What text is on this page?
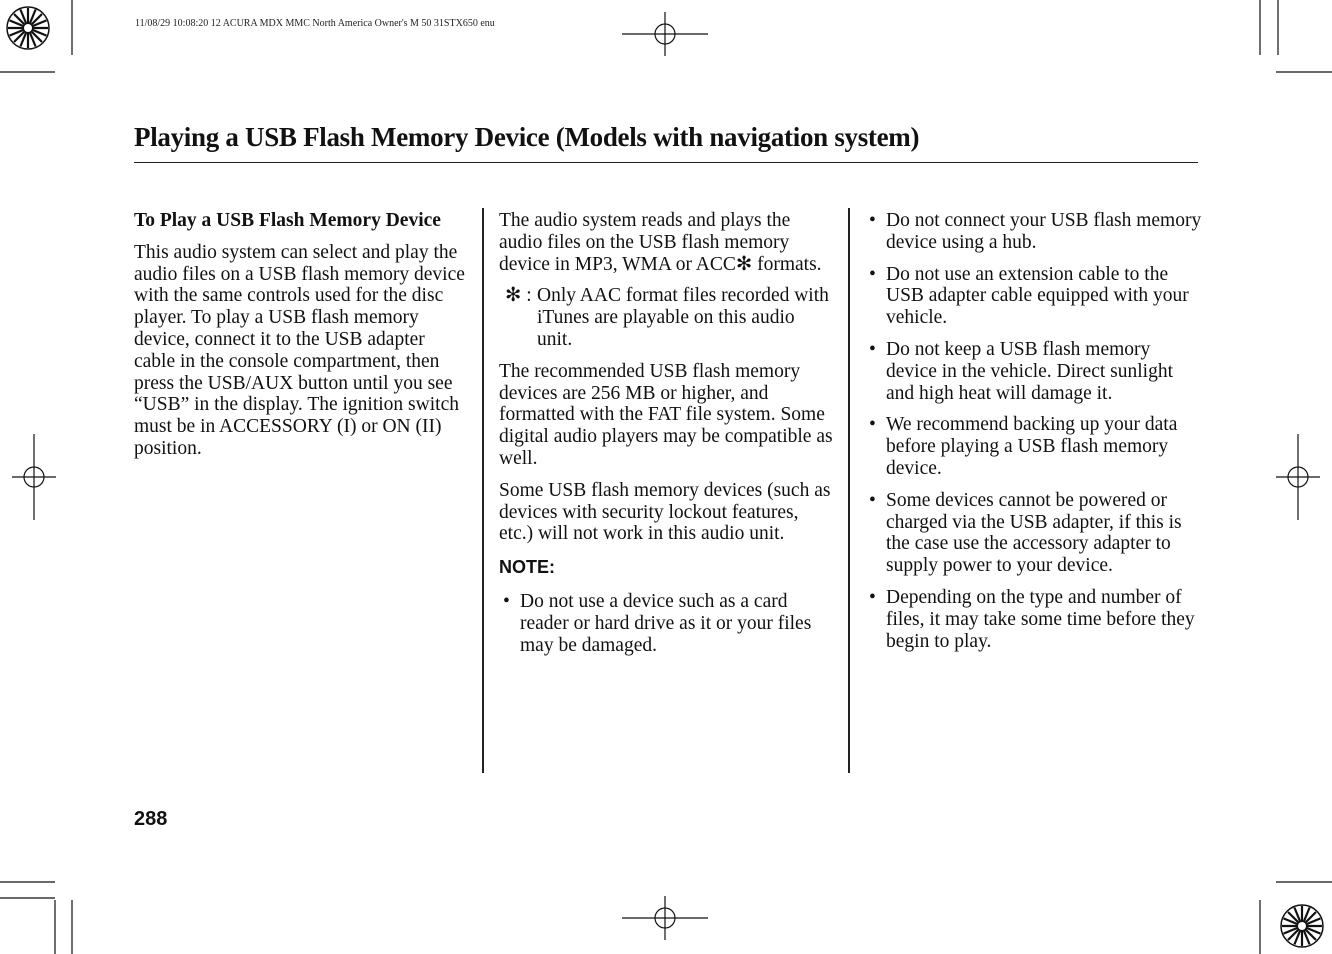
11/08/29 10:08:20 12 ACURA MDX MMC North America Owner's M 50 31STX650 enu
Playing a USB Flash Memory Device (Models with navigation system)

To Play a USB Flash Memory Device

This audio system can select and play the audio files on a USB flash memory device with the same controls used for the disc player. To play a USB flash memory device, connect it to the USB adapter cable in the console compartment, then press the USB/AUX button until you see “USB” in the display. The ignition switch must be in ACCESSORY (I) or ON (II) position.

The audio system reads and plays the audio files on the USB flash memory device in MP3, WMA or ACC✻ formats.

✻ : Only AAC format files recorded with iTunes are playable on this audio unit.

The recommended USB flash memory devices are 256 MB or higher, and formatted with the FAT file system. Some digital audio players may be compatible as well.

Some USB flash memory devices (such as devices with security lockout features, etc.) will not work in this audio unit.

NOTE:
• Do not use a device such as a card reader or hard drive as it or your files may be damaged.
• Do not connect your USB flash memory device using a hub.
• Do not use an extension cable to the USB adapter cable equipped with your vehicle.
• Do not keep a USB flash memory device in the vehicle. Direct sunlight and high heat will damage it.
• We recommend backing up your data before playing a USB flash memory device.
• Some devices cannot be powered or charged via the USB adapter, if this is the case use the accessory adapter to supply power to your device.
• Depending on the type and number of files, it may take some time before they begin to play.
288
